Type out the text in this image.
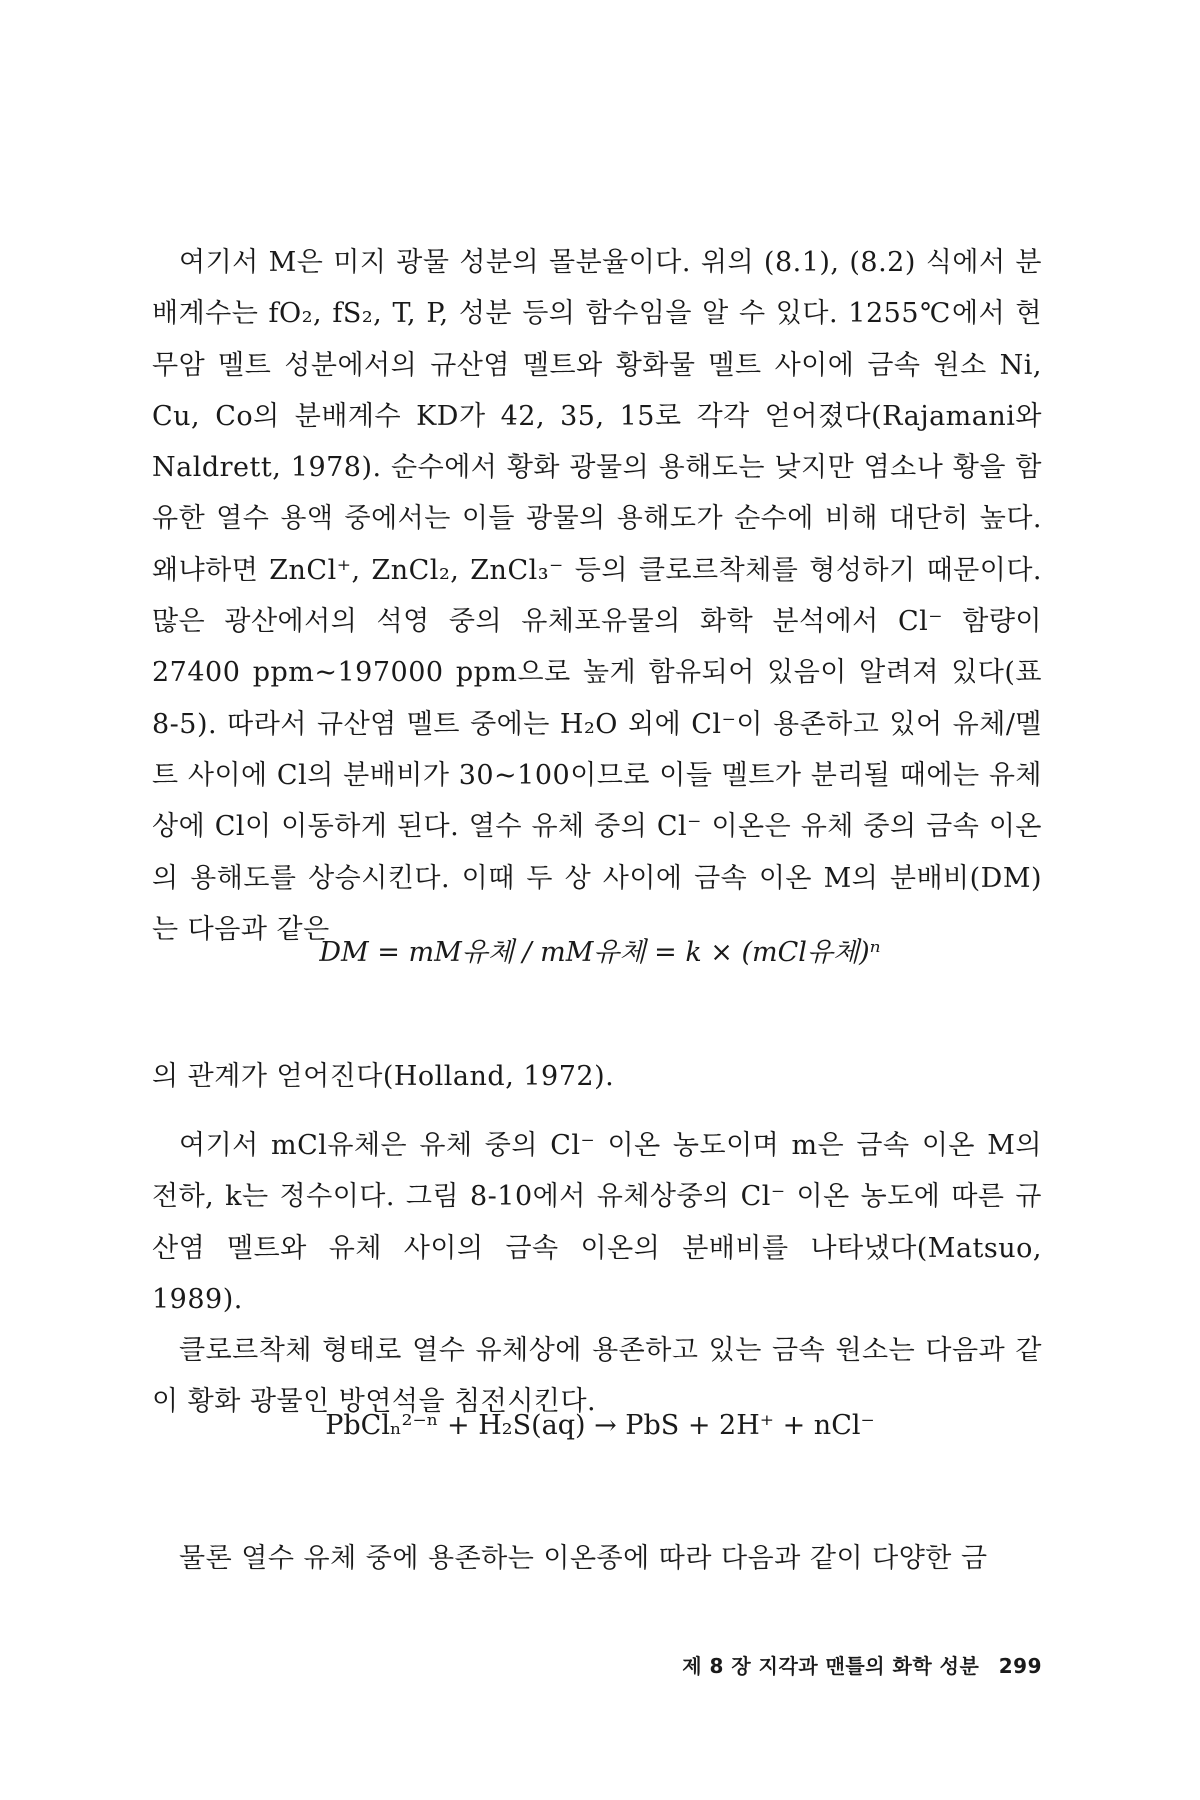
여기서 M은 미지 광물 성분의 몰분율이다. 위의 (8.1), (8.2) 식에서 분배계수는 fO₂, fS₂, T, P, 성분 등의 함수임을 알 수 있다. 1255℃에서 현무암 멜트 성분에서의 규산염 멜트와 황화물 멜트 사이에 금속 원소 Ni, Cu, Co의 분배계수 KD가 42, 35, 15로 각각 얻어졌다(Rajamani와 Naldrett, 1978). 순수에서 황화 광물의 용해도는 낮지만 염소나 황을 함유한 열수 용액 중에서는 이들 광물의 용해도가 순수에 비해 대단히 높다. 왜냐하면 ZnCl⁺, ZnCl₂, ZnCl₃⁻ 등의 클로르착체를 형성하기 때문이다. 많은 광산에서의 석영 중의 유체포유물의 화학 분석에서 Cl⁻ 함량이 27400 ppm~197000 ppm으로 높게 함유되어 있음이 알려져 있다(표 8-5). 따라서 규산염 멜트 중에는 H₂O 외에 Cl⁻이 용존하고 있어 유체/멜트 사이에 Cl의 분배비가 30~100이므로 이들 멜트가 분리될 때에는 유체상에 Cl이 이동하게 된다. 열수 유체 중의 Cl⁻ 이온은 유체 중의 금속 이온의 용해도를 상승시킨다. 이때 두 상 사이에 금속 이온 M의 분배비(DM)는 다음과 같은

DM = mM유체 / mM유체 = k × (mCl유체)ⁿ

의 관계가 얻어진다(Holland, 1972).

여기서 mCl유체은 유체 중의 Cl⁻ 이온 농도이며 m은 금속 이온 M의 전하, k는 정수이다. 그림 8-10에서 유체상중의 Cl⁻ 이온 농도에 따른 규산염 멜트와 유체 사이의 금속 이온의 분배비를 나타냈다(Matsuo, 1989).

클로르착체 형태로 열수 유체상에 용존하고 있는 금속 원소는 다음과 같이 황화 광물인 방연석을 침전시킨다.

PbClₙ²⁻ⁿ + H₂S(aq) → PbS + 2H⁺ + nCl⁻

물론 열수 유체 중에 용존하는 이온종에 따라 다음과 같이 다양한 금

제 8 장 지각과 맨틀의 화학 성분 299
